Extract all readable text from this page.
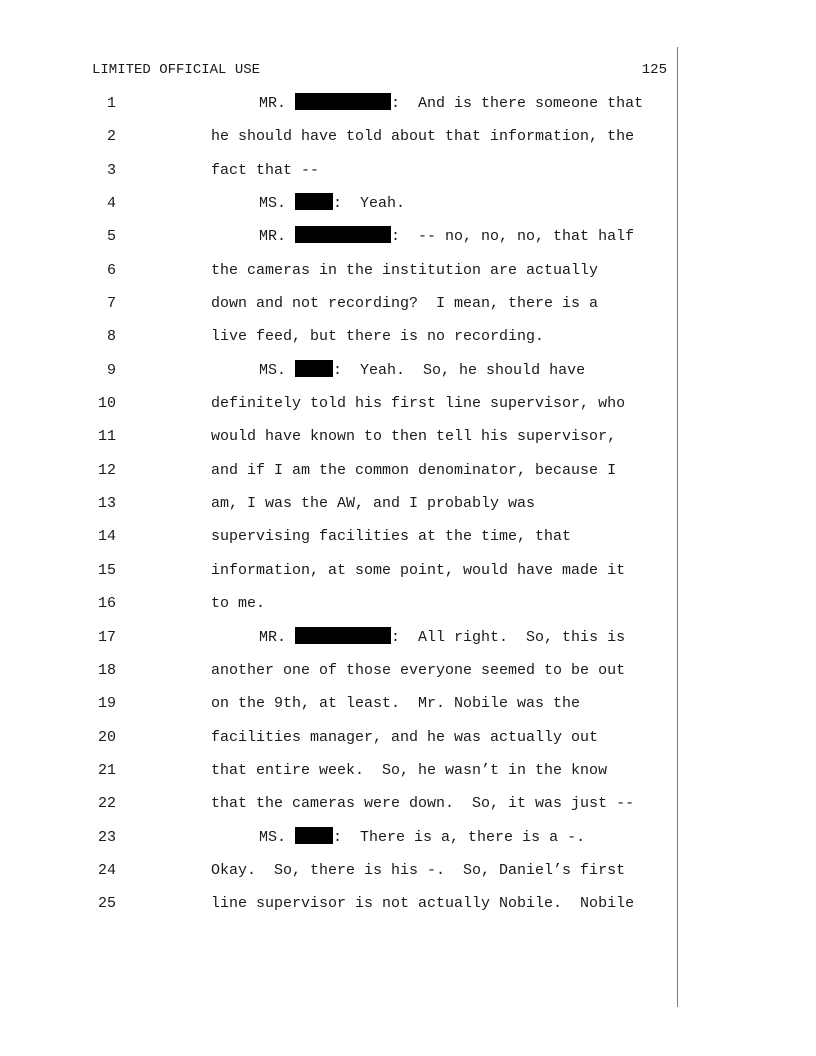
LIMITED OFFICIAL USE	125
1	MR.	:  And is there someone that
2	he should have told about that information, the
3	fact that --
4	MS.	:  Yeah.
5	MR.	:  -- no, no, no, that half
6	the cameras in the institution are actually
7	down and not recording?  I mean, there is a
8	live feed, but there is no recording.
9	MS.	:  Yeah.  So, he should have
10	definitely told his first line supervisor, who
11	would have known to then tell his supervisor,
12	and if I am the common denominator, because I
13	am, I was the AW, and I probably was
14	supervising facilities at the time, that
15	information, at some point, would have made it
16	to me.
17	MR.	:  All right.  So, this is
18	another one of those everyone seemed to be out
19	on the 9th, at least.  Mr. Nobile was the
20	facilities manager, and he was actually out
21	that entire week.  So, he wasn’t in the know
22	that the cameras were down.  So, it was just --
23	MS.	:  There is a, there is a -.
24	Okay.  So, there is his -.  So, Daniel’s first
25	line supervisor is not actually Nobile.  Nobile
